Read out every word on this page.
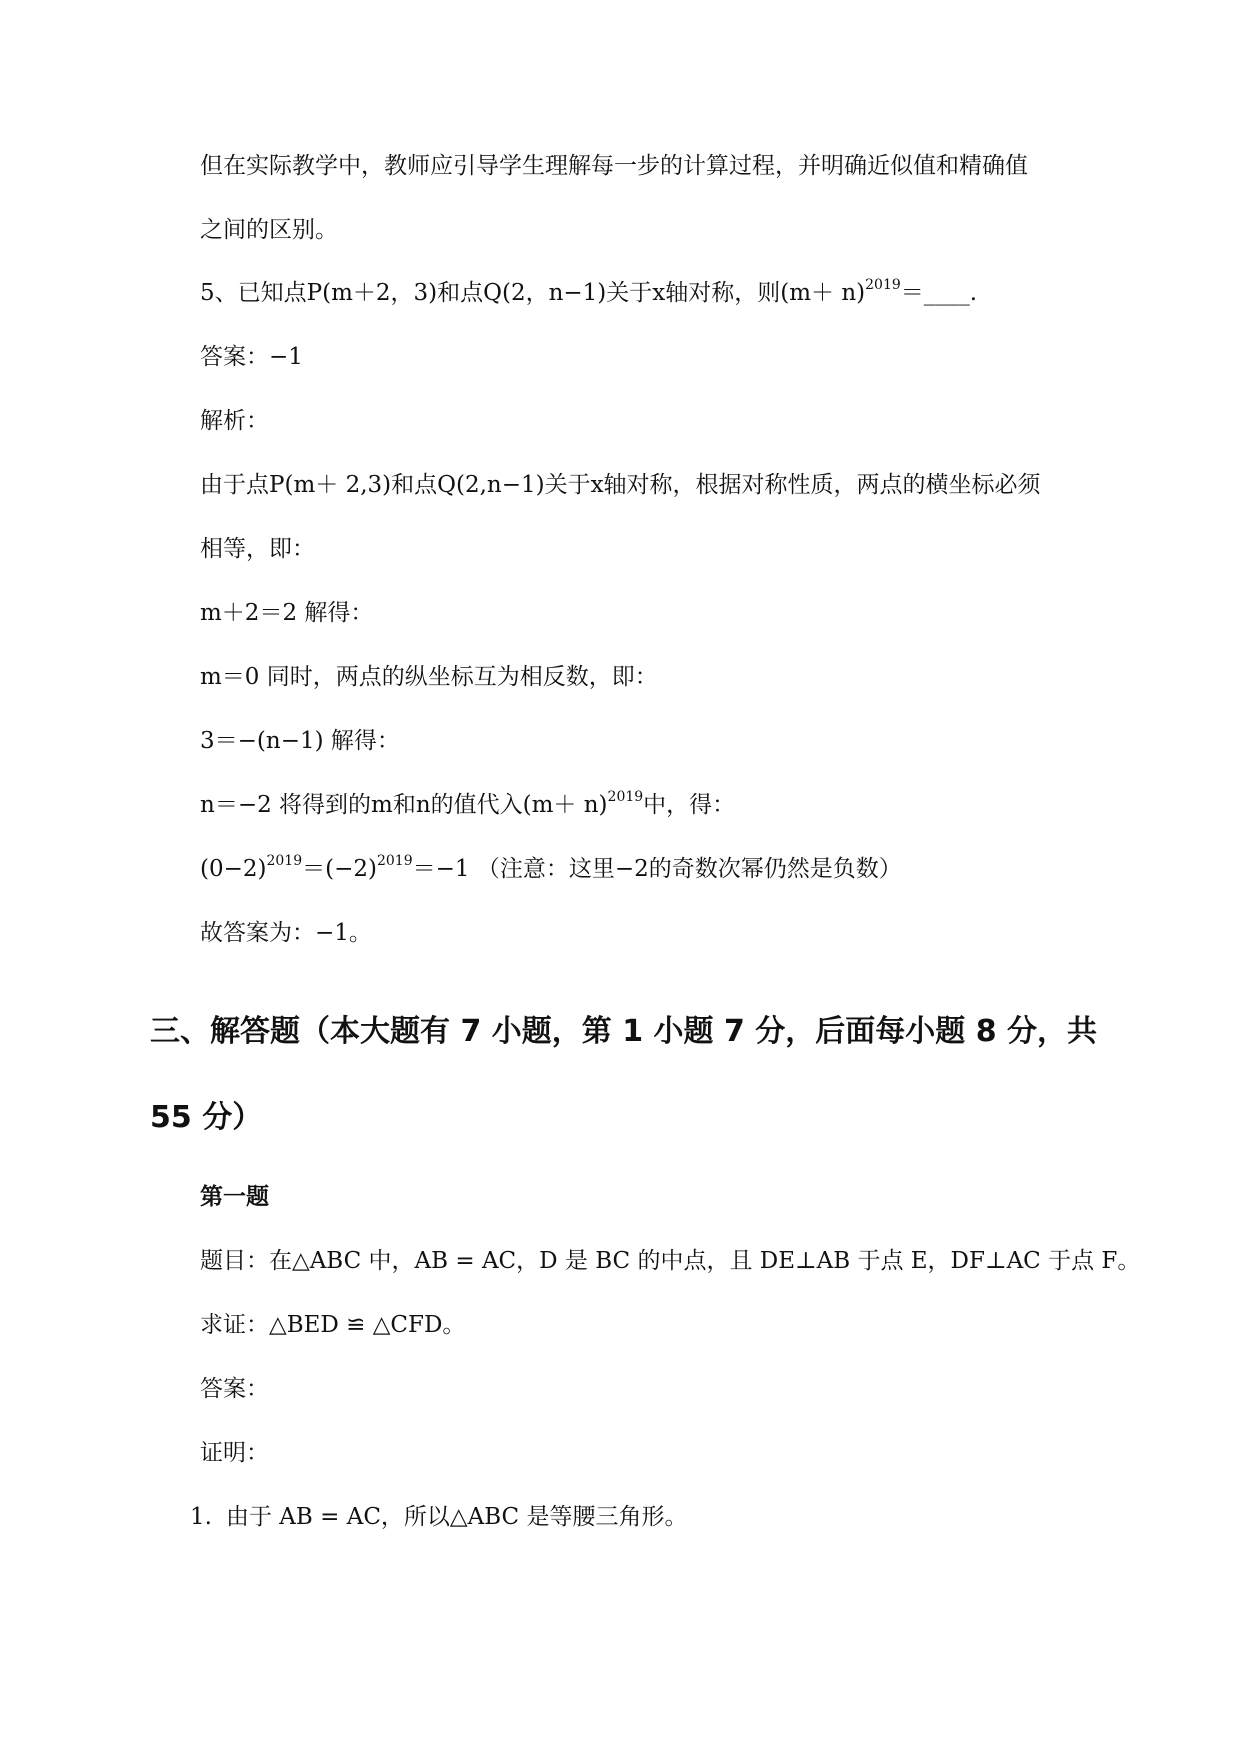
但在实际教学中，教师应引导学生理解每一步的计算过程，并明确近似值和精确值
之间的区别。
5、已知点P(m＋2，3)和点Q(2，n−1)关于x轴对称，则$(m+ n)^{2019}=\_\_\_\_$.
答案：−1
解析：
由于点P(m＋ 2,3)和点Q(2,n−1)关于x轴对称，根据对称性质，两点的横坐标必须
相等，即：
m＋2＝2 解得：
m＝0 同时，两点的纵坐标互为相反数，即：
3＝−(n−1) 解得：
n＝−2 将得到的m和n的值代入$(m+ n)^{2019}$中，得：
$(0-2)^{2019}=(-2)^{2019}=-1$ （注意：这里−2的奇数次幂仍然是负数）
故答案为：−1。
三、解答题（本大题有 7 小题，第 1 小题 7 分，后面每小题 8 分，共
55 分）
第一题
题目：在△ABC 中，AB = AC，D 是 BC 的中点，且 DE⊥AB 于点 E，DF⊥AC 于点 F。
求证：△BED ≌ △CFD。
答案：
证明：
1. 由于 AB = AC，所以△ABC 是等腰三角形。
